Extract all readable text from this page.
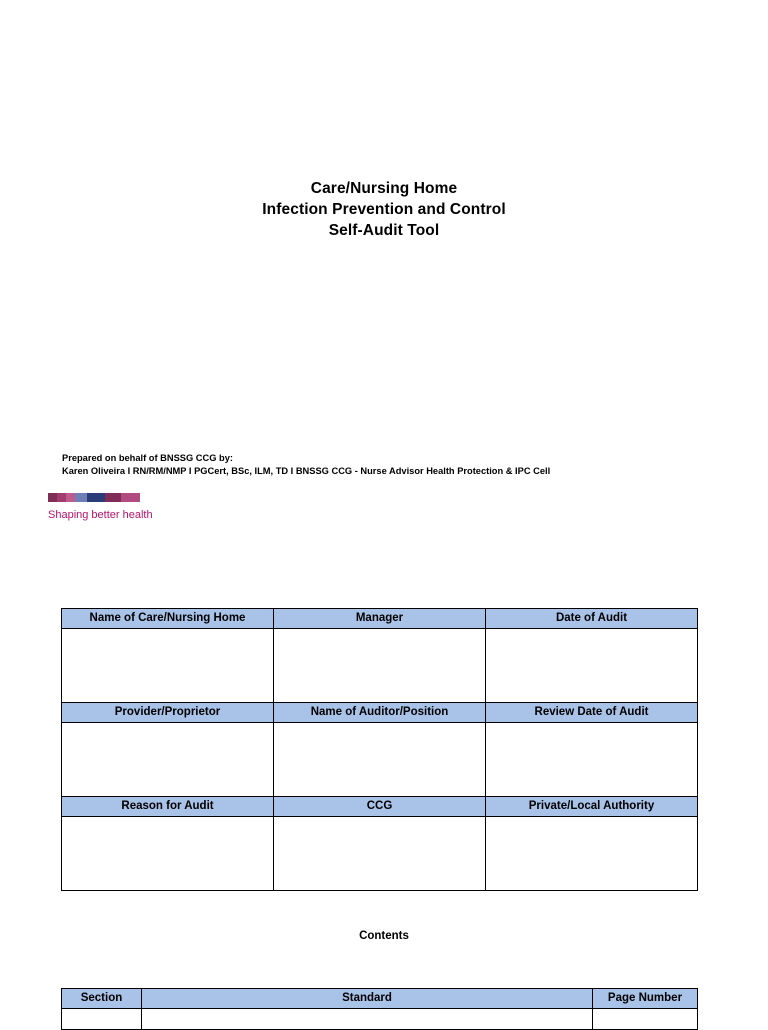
Care/Nursing Home
Infection Prevention and Control
Self-Audit Tool
Prepared on behalf of BNSSG CCG by:
Karen Oliveira I RN/RM/NMP I PGCert, BSc, ILM, TD I BNSSG CCG - Nurse Advisor Health Protection & IPC Cell
Shaping better health
Name of Care/Nursing Home	Manager	Date of Audit

Provider/Proprietor	Name of Auditor/Position	Review Date of Audit

Reason for Audit	CCG	Private/Local Authority

Contents
Section	Standard	Page Number
